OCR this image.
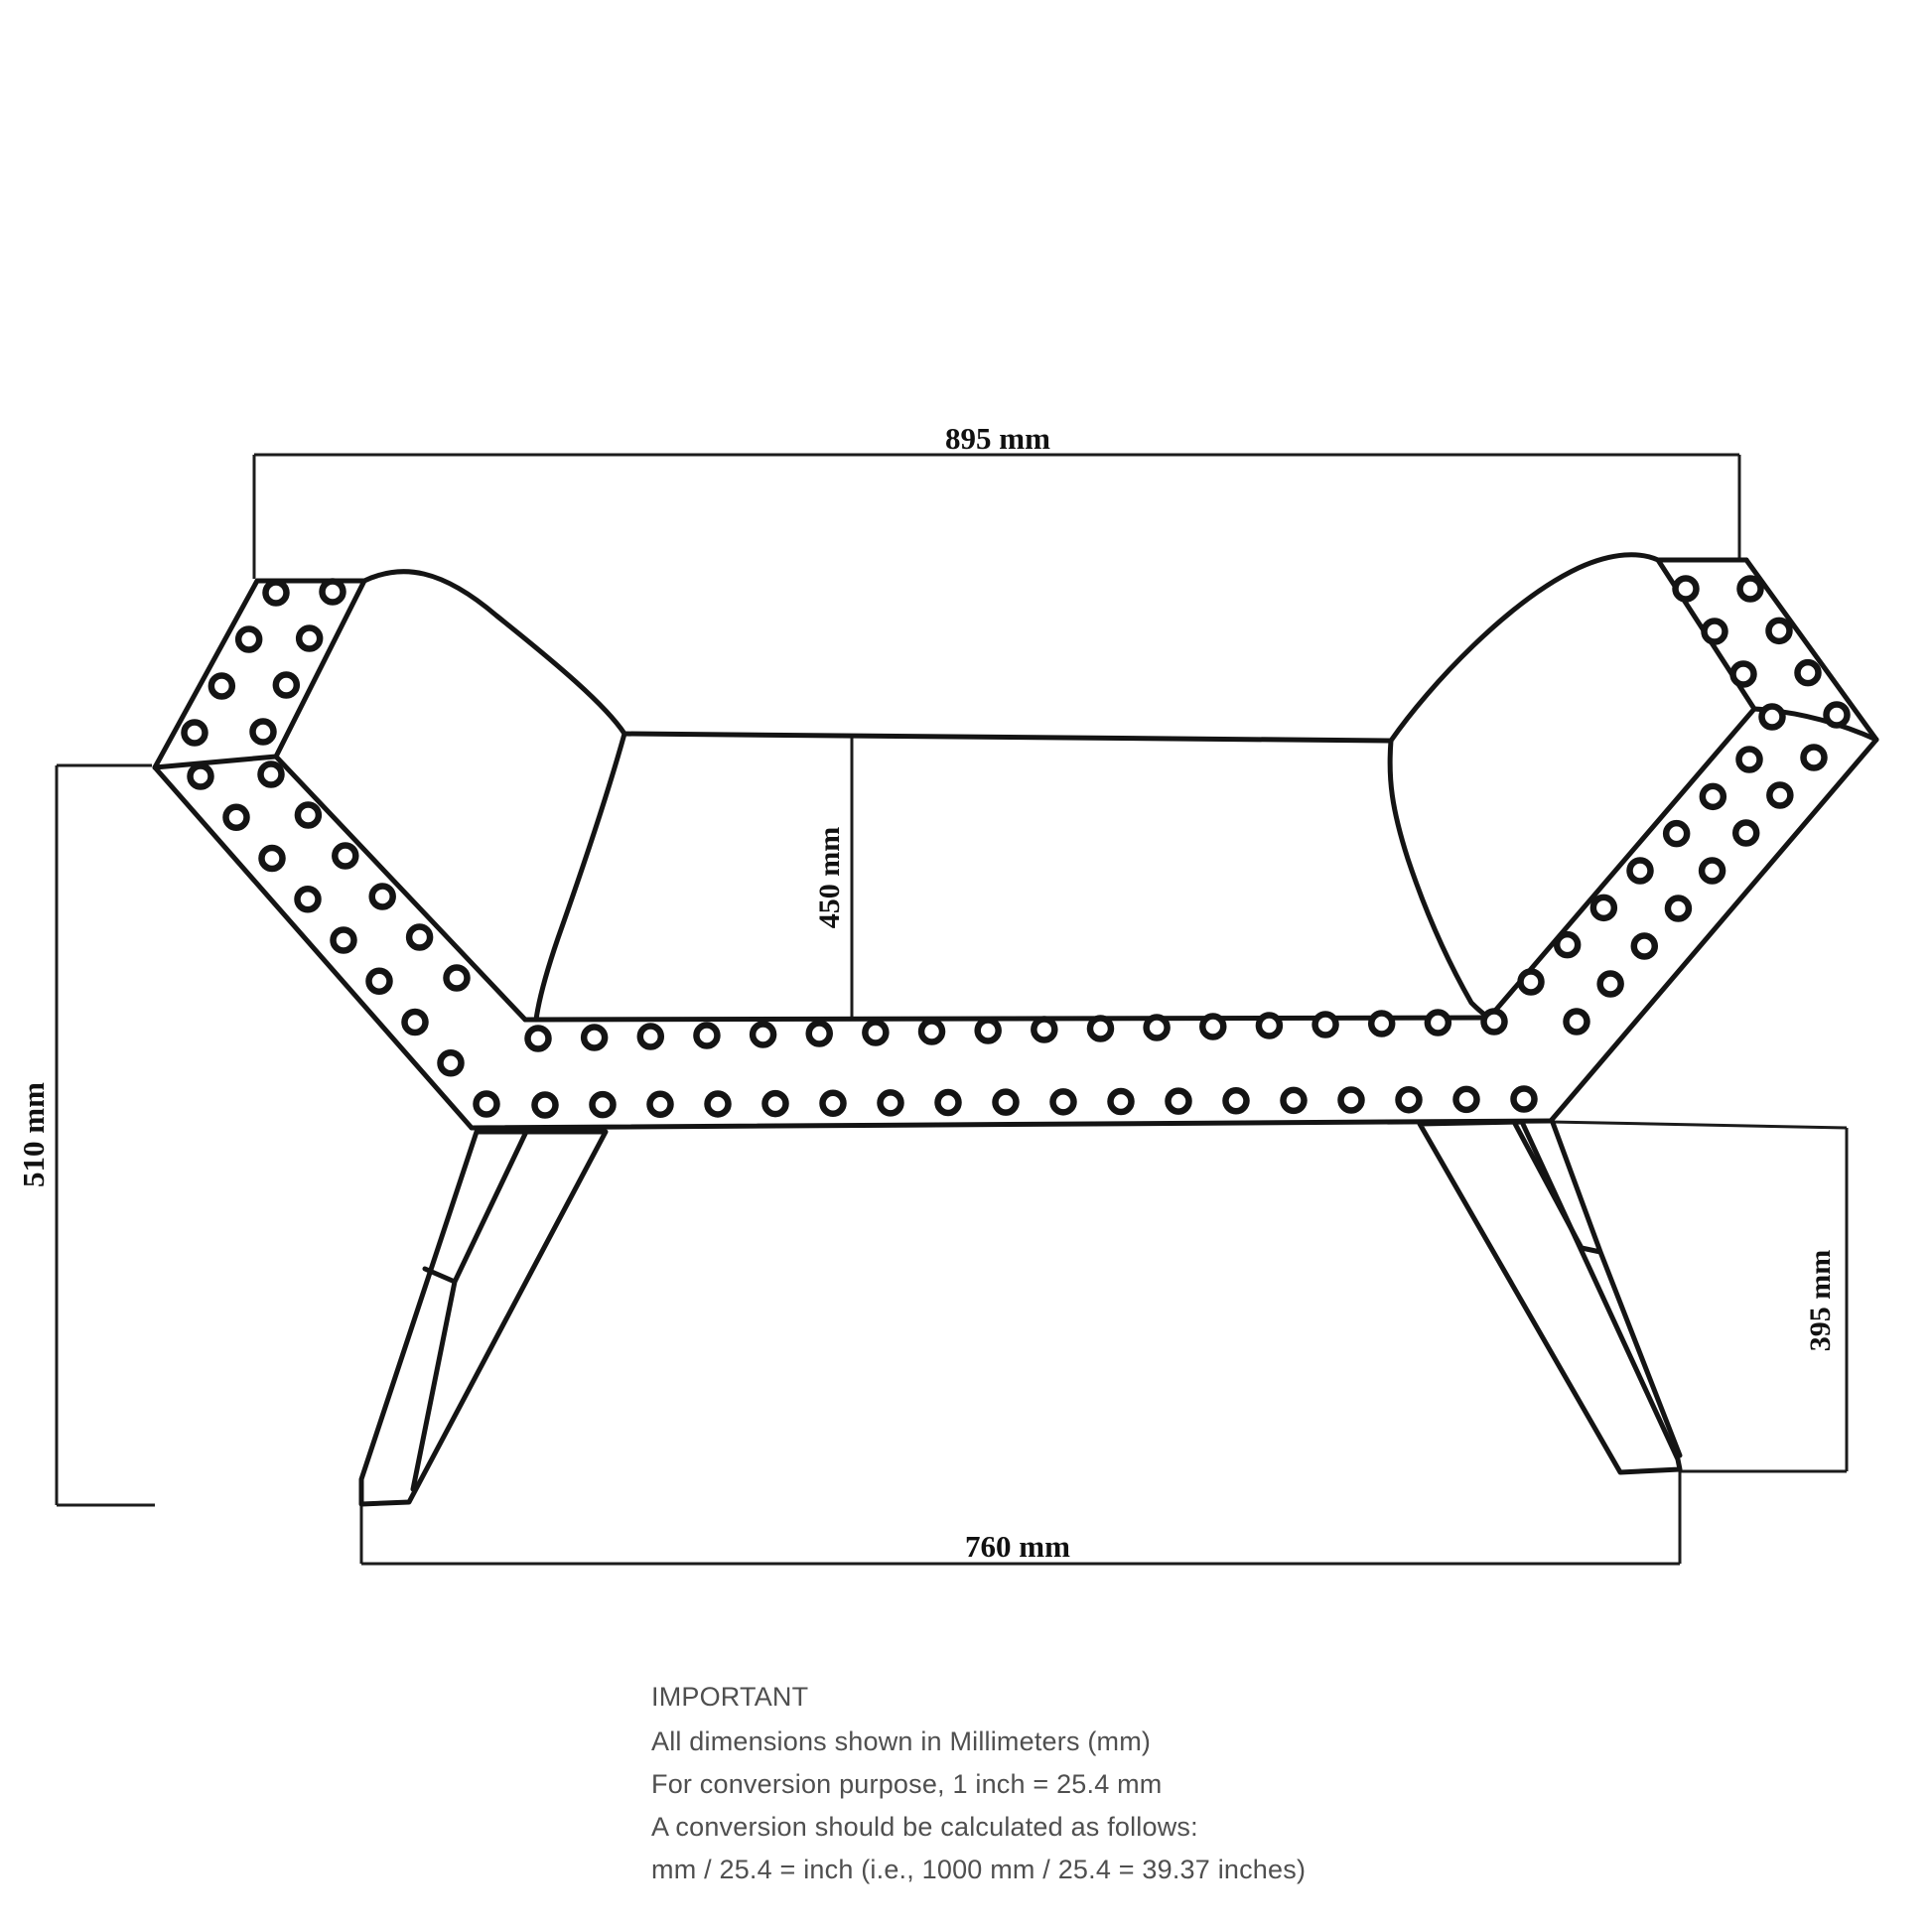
895 mm
510 mm
450 mm
395 mm
760 mm
IMPORTANT
All dimensions shown in Millimeters (mm)
For conversion purpose, 1 inch = 25.4 mm
A conversion should be calculated as follows:
mm / 25.4 = inch (i.e., 1000 mm / 25.4 = 39.37 inches)
